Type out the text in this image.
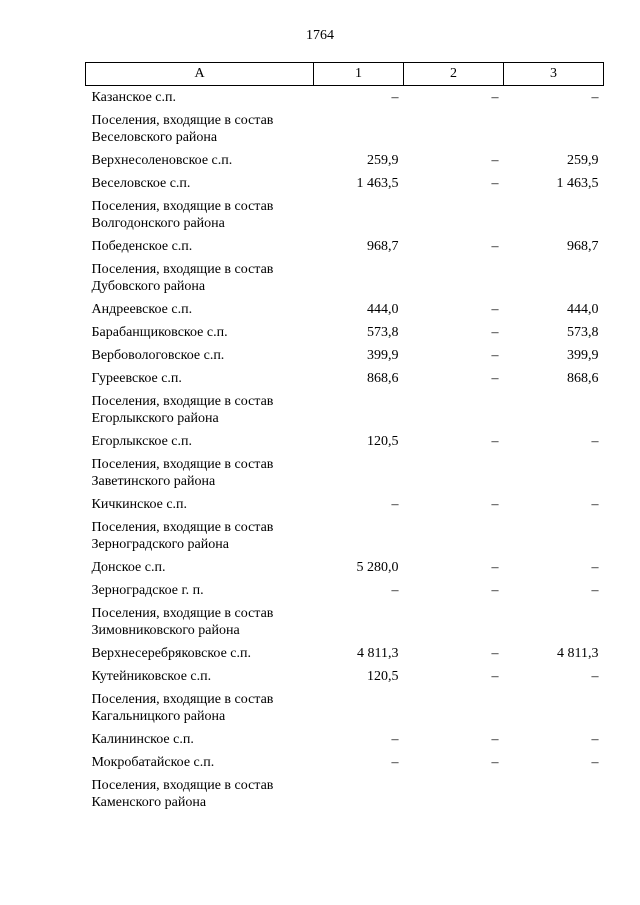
1764
А	1	2	3
Казанское с.п.	–	–	–
Поселения, входящие в состав Веселовского района			
Верхнесоленовское с.п.	259,9	–	259,9
Веселовское с.п.	1 463,5	–	1 463,5
Поселения, входящие в состав Волгодонского района			
Победенское с.п.	968,7	–	968,7
Поселения, входящие в состав Дубовского района			
Андреевское с.п.	444,0	–	444,0
Барабанщиковское с.п.	573,8	–	573,8
Вербовологовское с.п.	399,9	–	399,9
Гуреевское с.п.	868,6	–	868,6
Поселения, входящие в состав Егорлыкского района			
Егорлыкское с.п.	120,5	–	–
Поселения, входящие в состав Заветинского района			
Кичкинское с.п.	–	–	–
Поселения, входящие в состав Зерноградского района			
Донское с.п.	5 280,0	–	–
Зерноградское г. п.	–	–	–
Поселения, входящие в состав Зимовниковского района			
Верхнесеребряковское с.п.	4 811,3	–	4 811,3
Кутейниковское с.п.	120,5	–	–
Поселения, входящие в состав Кагальницкого района			
Калининское с.п.	–	–	–
Мокробатайское с.п.	–	–	–
Поселения, входящие в состав Каменского района			
